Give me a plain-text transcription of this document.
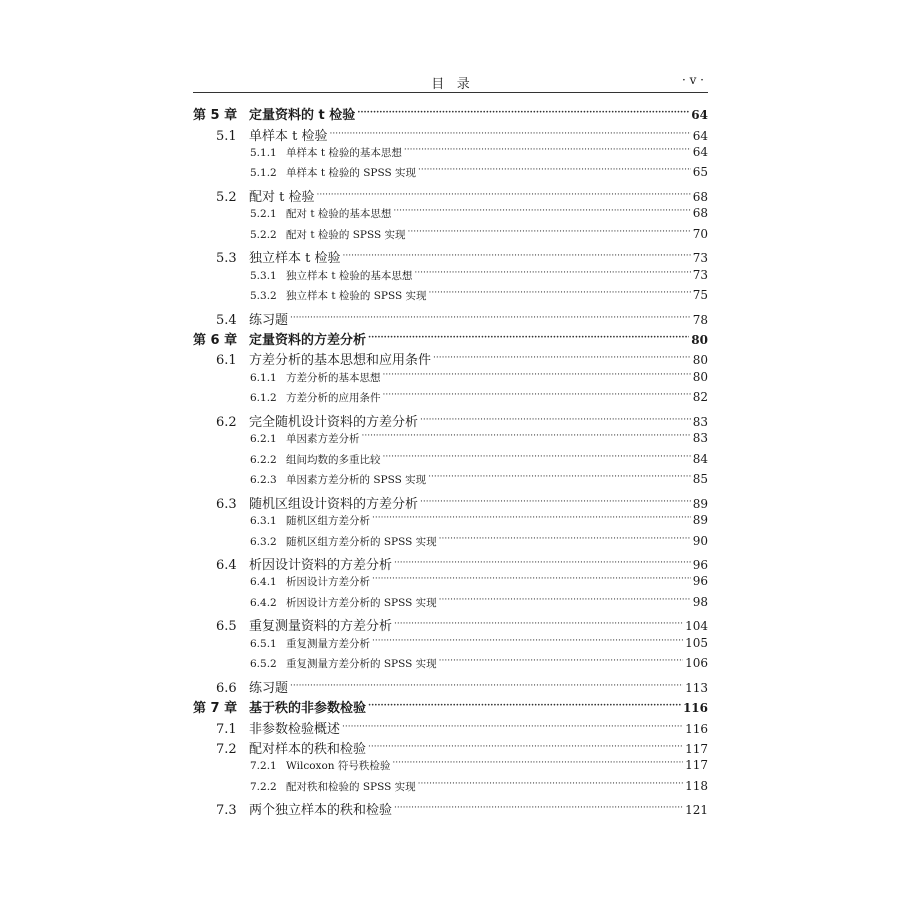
目   录	· v ·
第 5 章 定量资料的 t 检验 ·····	64
5.1 单样本 t 检验 ·····	64
5.1.1 单样本 t 检验的基本思想 ·····	64
5.1.2 单样本 t 检验的 SPSS 实现 ·····	65
5.2 配对 t 检验 ·····	68
5.2.1 配对 t 检验的基本思想 ·····	68
5.2.2 配对 t 检验的 SPSS 实现 ·····	70
5.3 独立样本 t 检验 ·····	73
5.3.1 独立样本 t 检验的基本思想 ·····	73
5.3.2 独立样本 t 检验的 SPSS 实现 ·····	75
5.4 练习题 ·····	78
第 6 章 定量资料的方差分析 ·····	80
6.1 方差分析的基本思想和应用条件 ·····	80
6.1.1 方差分析的基本思想 ·····	80
6.1.2 方差分析的应用条件 ·····	82
6.2 完全随机设计资料的方差分析 ·····	83
6.2.1 单因素方差分析 ·····	83
6.2.2 组间均数的多重比较 ·····	84
6.2.3 单因素方差分析的 SPSS 实现 ·····	85
6.3 随机区组设计资料的方差分析 ·····	89
6.3.1 随机区组方差分析 ·····	89
6.3.2 随机区组方差分析的 SPSS 实现 ·····	90
6.4 析因设计资料的方差分析 ·····	96
6.4.1 析因设计方差分析 ·····	96
6.4.2 析因设计方差分析的 SPSS 实现 ·····	98
6.5 重复测量资料的方差分析 ·····	104
6.5.1 重复测量方差分析 ·····	105
6.5.2 重复测量方差分析的 SPSS 实现 ·····	106
6.6 练习题 ·····	113
第 7 章 基于秩的非参数检验 ·····	116
7.1 非参数检验概述 ·····	116
7.2 配对样本的秩和检验 ·····	117
7.2.1 Wilcoxon 符号秩检验 ·····	117
7.2.2 配对秩和检验的 SPSS 实现 ·····	118
7.3 两个独立样本的秩和检验 ·····	121
